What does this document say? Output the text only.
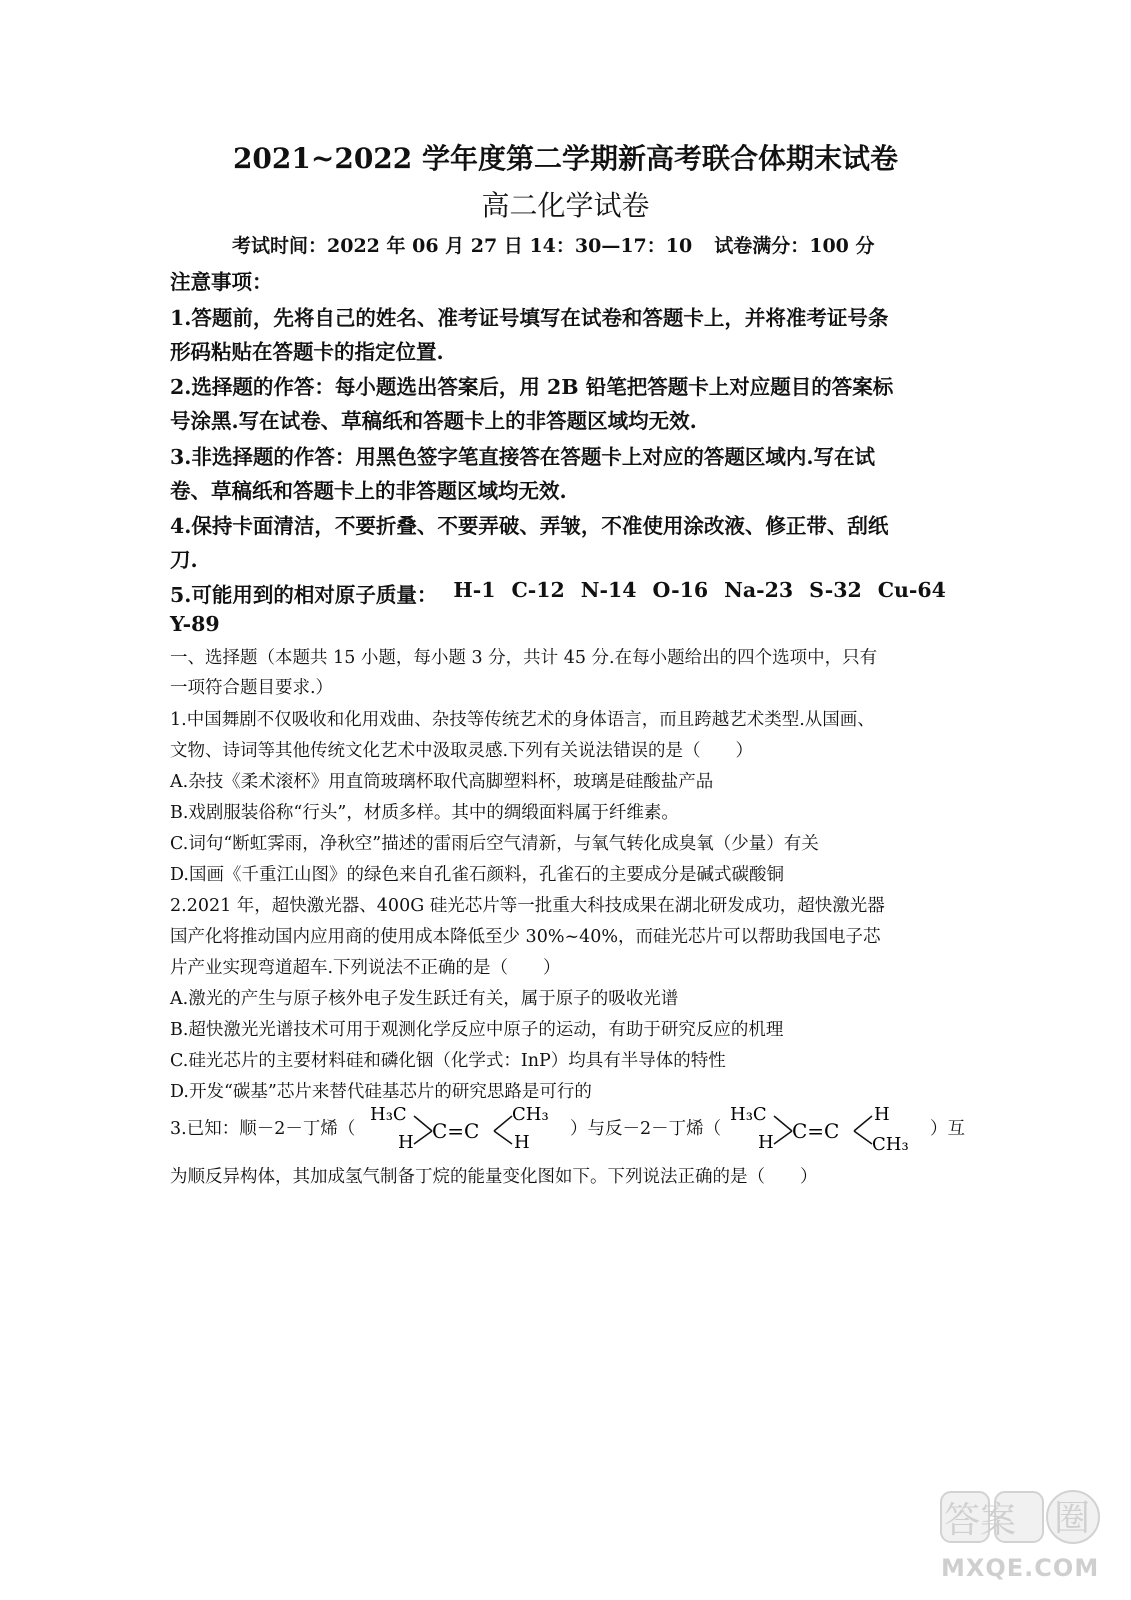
2021~2022 学年度第二学期新高考联合体期末试卷
高二化学试卷
考试时间：2022 年 06 月 27 日 14：30—17：10 试卷满分：100 分
注意事项：
1.答题前，先将自己的姓名、准考证号填写在试卷和答题卡上，并将准考证号条
形码粘贴在答题卡的指定位置.
2.选择题的作答：每小题选出答案后，用 2B 铅笔把答题卡上对应题目的答案标
号涂黑.写在试卷、草稿纸和答题卡上的非答题区域均无效.
3.非选择题的作答：用黑色签字笔直接答在答题卡上对应的答题区域内.写在试
卷、草稿纸和答题卡上的非答题区域均无效.
4.保持卡面清洁，不要折叠、不要弄破、弄皱，不准使用涂改液、修正带、刮纸
刀.
5.可能用到的相对原子质量： H-1 C-12 N-14 O-16 Na-23 S-32 Cu-64
Y-89
一、选择题（本题共 15 小题，每小题 3 分，共计 45 分.在每小题给出的四个选项中，只有
一项符合题目要求.）
1.中国舞剧不仅吸收和化用戏曲、杂技等传统艺术的身体语言，而且跨越艺术类型.从国画、
文物、诗词等其他传统文化艺术中汲取灵感.下列有关说法错误的是（　　）
A.杂技《柔术滚杯》用直筒玻璃杯取代高脚塑料杯，玻璃是硅酸盐产品
B.戏剧服装俗称“行头”，材质多样。其中的绸缎面料属于纤维素。
C.词句“断虹霁雨，净秋空”描述的雷雨后空气清新，与氧气转化成臭氧（少量）有关
D.国画《千重江山图》的绿色来自孔雀石颜料，孔雀石的主要成分是碱式碳酸铜
2.2021 年，超快激光器、400G 硅光芯片等一批重大科技成果在湖北研发成功，超快激光器
国产化将推动国内应用商的使用成本降低至少 30%~40%，而硅光芯片可以帮助我国电子芯
片产业实现弯道超车.下列说法不正确的是（　　）
A.激光的产生与原子核外电子发生跃迁有关，属于原子的吸收光谱
B.超快激光光谱技术可用于观测化学反应中原子的运动，有助于研究反应的机理
C.硅光芯片的主要材料硅和磷化铟（化学式：InP）均具有半导体的特性
D.开发“碳基”芯片来替代硅基芯片的研究思路是可行的
3.已知：顺－2－丁烯（
H₃C
H C=C
CH₃
H
）与反－2－丁烯（
H₃C
H C=C
H
CH₃
）互
为顺反异构体，其加成氢气制备丁烷的能量变化图如下。下列说法正确的是（　　）
答案 圈
MXQE.COM
